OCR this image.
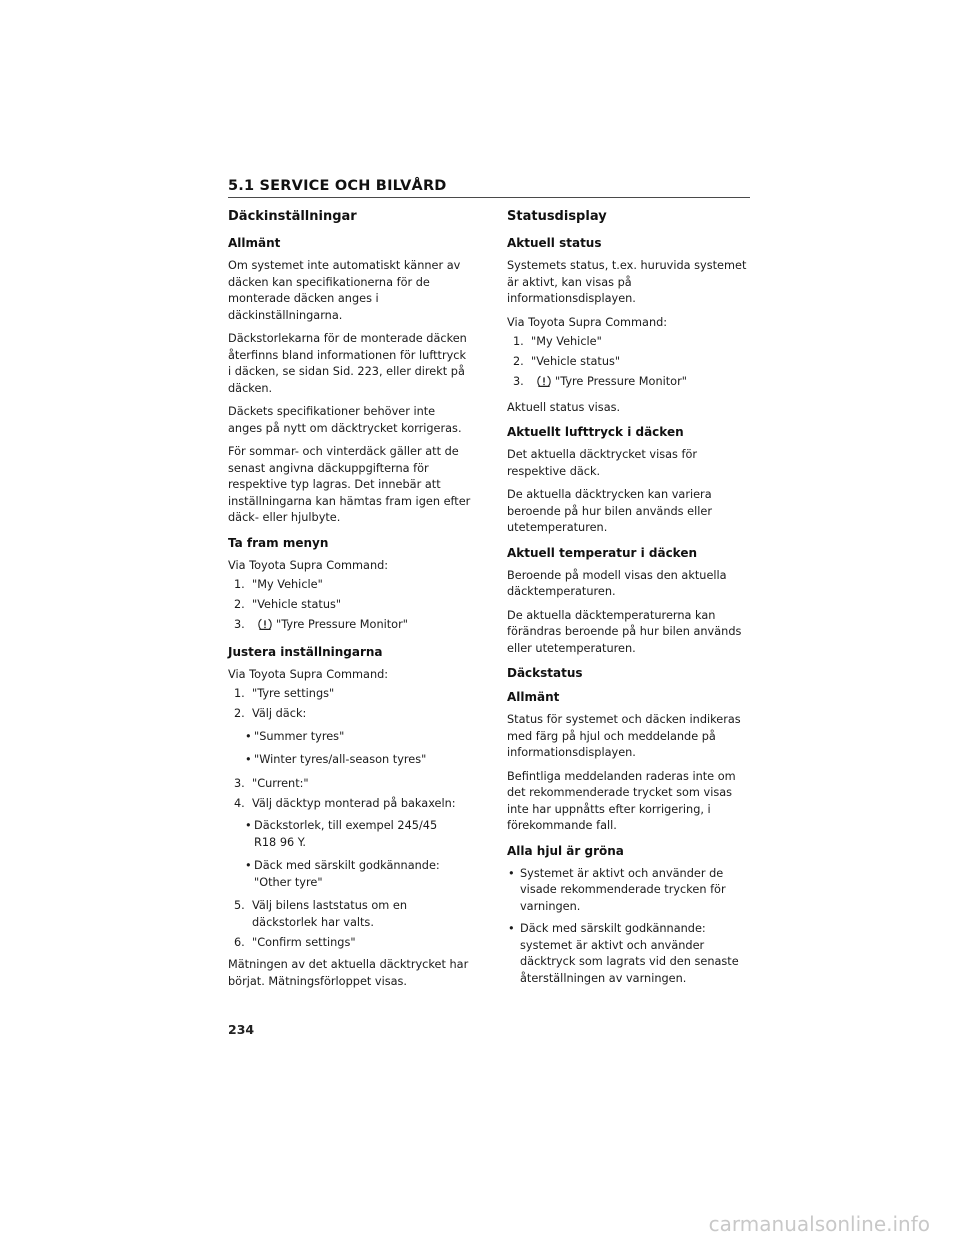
5.1 SERVICE OCH BILVÅRD
Däckinställningar
Allmänt

Om systemet inte automatiskt känner av däcken kan specifikationerna för de monterade däcken anges i däckinställningarna.

Däckstorlekarna för de monterade däcken återfinns bland informationen för lufttryck i däcken, se sidan Sid. 223, eller direkt på däcken.

Däckets specifikationer behöver inte anges på nytt om däcktrycket korrigeras.

För sommar- och vinterdäck gäller att de senast angivna däckuppgifterna för respektive typ lagras. Det innebär att inställningarna kan hämtas fram igen efter däck- eller hjulbyte.

Ta fram menyn

Via Toyota Supra Command:

1. "My Vehicle"
2. "Vehicle status"
3.	"Tyre Pressure Monitor"
Justera inställningarna

Via Toyota Supra Command:

1. "Tyre settings"
2. Välj däck:
• "Summer tyres"
• "Winter tyres/all-season tyres"
3. "Current:"
4. Välj däcktyp monterad på bakaxeln:
• Däckstorlek, till exempel 245/45 R18 96 Y.
• Däck med särskilt godkännande: "Other tyre"
5. Välj bilens laststatus om en däckstorlek har valts.
6. "Confirm settings"

Mätningen av det aktuella däcktrycket har börjat. Mätningsförloppet visas.

Statusdisplay
Aktuell status

Systemets status, t.ex. huruvida systemet är aktivt, kan visas på informationsdisplayen.

Via Toyota Supra Command:

1. "My Vehicle"
2. "Vehicle status"
3.	"Tyre Pressure Monitor"

Aktuell status visas.

Aktuellt lufttryck i däcken

Det aktuella däcktrycket visas för respektive däck.

De aktuella däcktrycken kan variera beroende på hur bilen används eller utetemperaturen.

Aktuell temperatur i däcken

Beroende på modell visas den aktuella däcktemperaturen.

De aktuella däcktemperaturerna kan förändras beroende på hur bilen används eller utetemperaturen.

Däckstatus
Allmänt

Status för systemet och däcken indikeras med färg på hjul och meddelande på informationsdisplayen.

Befintliga meddelanden raderas inte om det rekommenderade trycket som visas inte har uppnåtts efter korrigering, i förekommande fall.

Alla hjul är gröna
• Systemet är aktivt och använder de visade rekommenderade trycken för varningen.
• Däck med särskilt godkännande: systemet är aktivt och använder däcktryck som lagrats vid den senaste återställningen av varningen.
234
carmanualsonline.info
